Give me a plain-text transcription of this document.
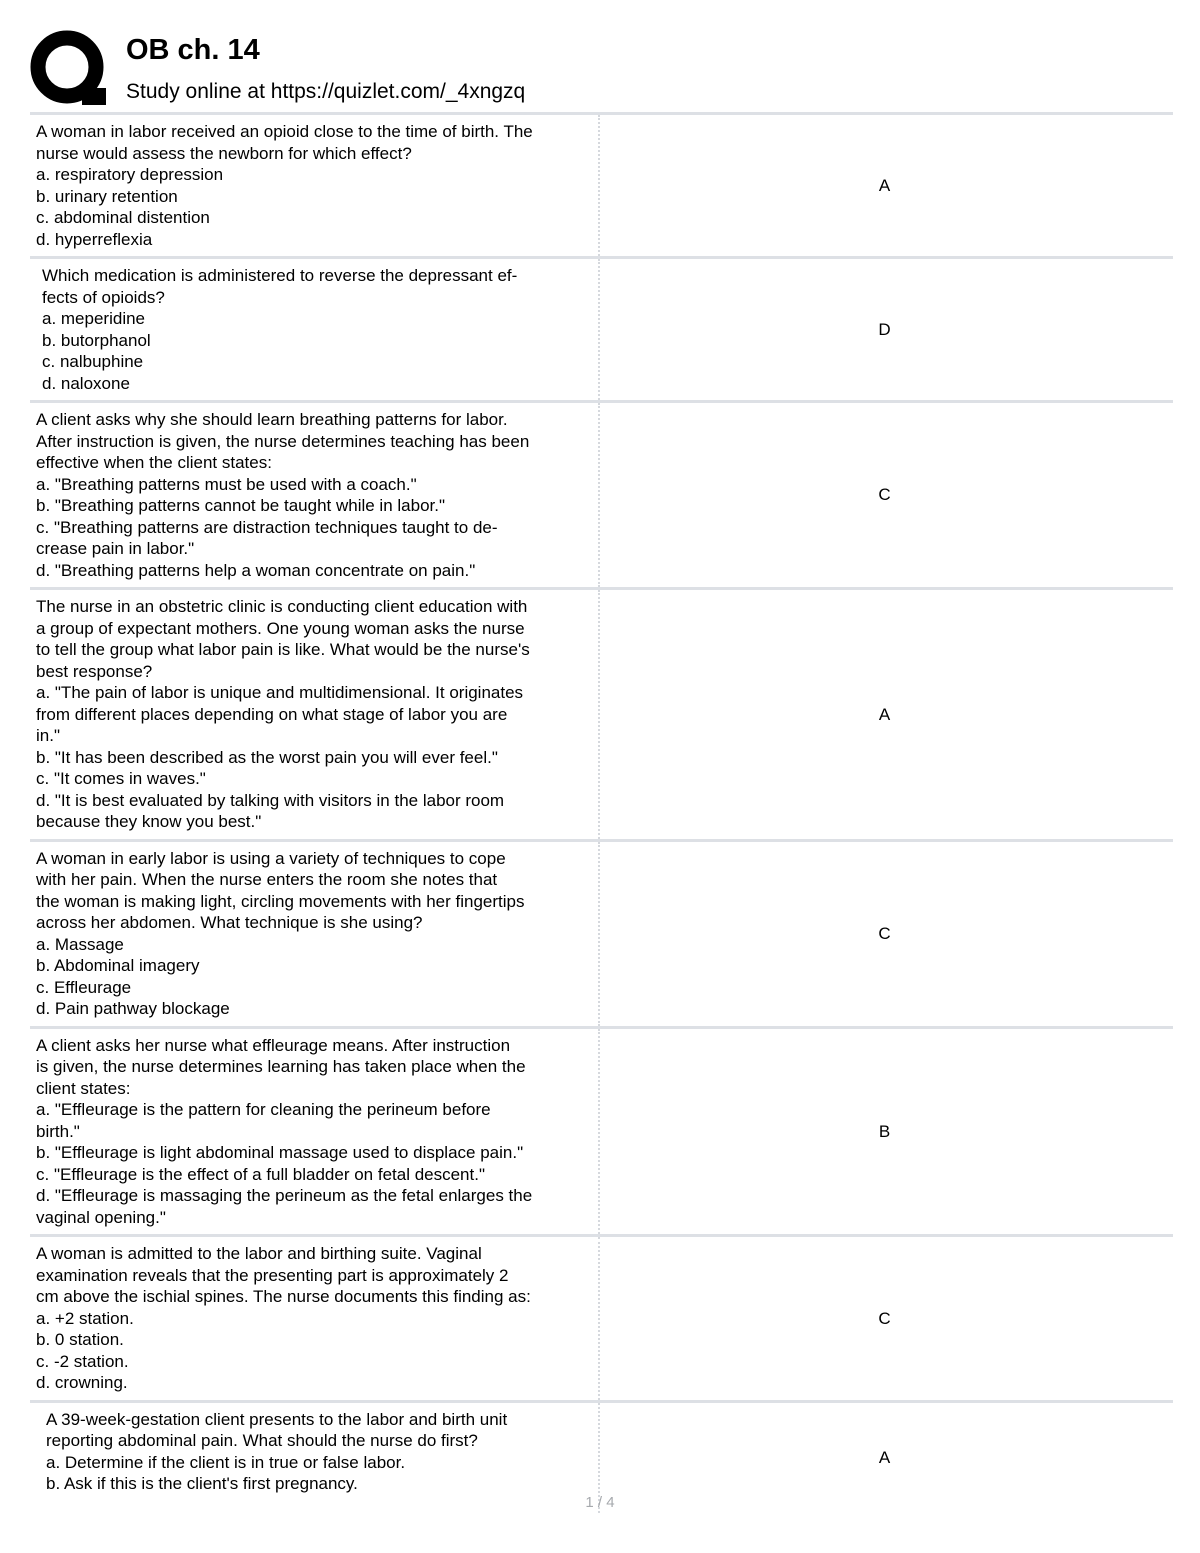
OB ch. 14
Study online at https://quizlet.com/_4xngzq
A woman in labor received an opioid close to the time of birth. The
nurse would assess the newborn for which effect?
a. respiratory depression
b. urinary retention
c. abdominal distention
d. hyperreflexia
A
Which medication is administered to reverse the depressant ef-
fects of opioids?
a. meperidine
b. butorphanol
c. nalbuphine
d. naloxone
D
A client asks why she should learn breathing patterns for labor.
After instruction is given, the nurse determines teaching has been
effective when the client states:
a. "Breathing patterns must be used with a coach."
b. "Breathing patterns cannot be taught while in labor."
c. "Breathing patterns are distraction techniques taught to de-
crease pain in labor."
d. "Breathing patterns help a woman concentrate on pain."
C
The nurse in an obstetric clinic is conducting client education with
a group of expectant mothers. One young woman asks the nurse
to tell the group what labor pain is like. What would be the nurse's
best response?
a. "The pain of labor is unique and multidimensional. It originates
from different places depending on what stage of labor you are
in."
b. "It has been described as the worst pain you will ever feel."
c. "It comes in waves."
d. "It is best evaluated by talking with visitors in the labor room
because they know you best."
A
A woman in early labor is using a variety of techniques to cope
with her pain. When the nurse enters the room she notes that
the woman is making light, circling movements with her fingertips
across her abdomen. What technique is she using?
a. Massage
b. Abdominal imagery
c. Effleurage
d. Pain pathway blockage
C
A client asks her nurse what effleurage means. After instruction
is given, the nurse determines learning has taken place when the
client states:
a. "Effleurage is the pattern for cleaning the perineum before
birth."
b. "Effleurage is light abdominal massage used to displace pain."
c. "Effleurage is the effect of a full bladder on fetal descent."
d. "Effleurage is massaging the perineum as the fetal enlarges the
vaginal opening."
B
A woman is admitted to the labor and birthing suite. Vaginal
examination reveals that the presenting part is approximately 2
cm above the ischial spines. The nurse documents this finding as:
a. +2 station.
b. 0 station.
c. -2 station.
d. crowning.
C
A 39-week-gestation client presents to the labor and birth unit
reporting abdominal pain. What should the nurse do first?
a. Determine if the client is in true or false labor.
b. Ask if this is the client's first pregnancy.
A
1 / 4
